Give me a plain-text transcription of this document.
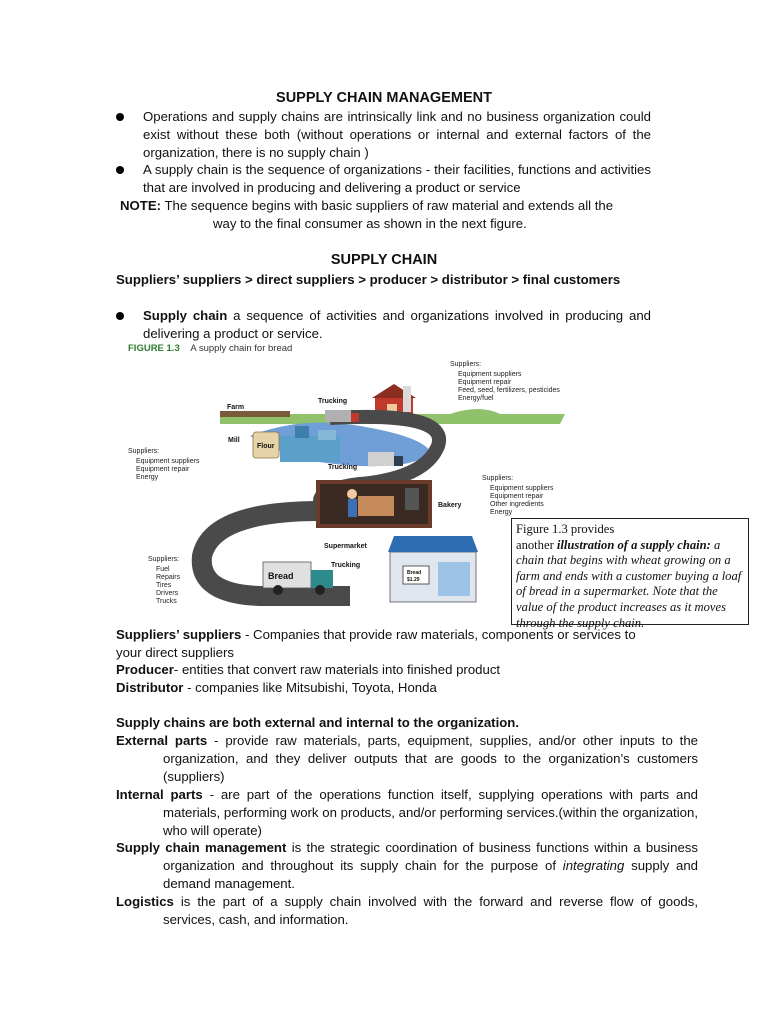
SUPPLY CHAIN MANAGEMENT
Operations and supply chains are intrinsically link and no business organization could exist without these both (without operations or internal and external factors of the organization, there is no supply chain )
A supply chain is the sequence of organizations - their facilities, functions and activities that are involved in producing and delivering a product or service
NOTE: The sequence begins with basic suppliers of raw material and extends all the
way to the final consumer as shown in the next figure.
SUPPLY CHAIN
Suppliers’ suppliers > direct suppliers > producer > distributor > final customers
Supply chain a sequence of activities and organizations involved in producing and delivering a product or service.
FIGURE 1.3 A supply chain for bread
Flour
Farm
Mill
Trucking
Trucking
Bakery
Supermarket
Trucking
Bread	Bread
$1.29
Suppliers:
Equipment suppliers
Equipment repair
Feed, seed, fertilizers, pesticides
Energy/fuel
Suppliers:
Equipment suppliers
Equipment repair
Energy	Suppliers:
Equipment suppliers
Equipment repair
Other ingredients
Energy
Suppliers:
Fuel
Repairs
Tires
Drivers
Trucks
Figure 1.3 provides
another illustration of a supply chain: a chain that begins with wheat growing on a farm and ends with a customer buying a loaf of bread in a supermarket. Note that the value of the product increases as it moves through the supply chain.
Suppliers’ suppliers - Companies that provide raw materials, components or services to your direct suppliers
Producer- entities that convert raw materials into finished product
Distributor - companies like Mitsubishi, Toyota, Honda
Supply chains are both external and internal to the organization.
External parts - provide raw materials, parts, equipment, supplies, and/or other inputs to the organization, and they deliver outputs that are goods to the organization’s customers (suppliers)
Internal parts - are part of the operations function itself, supplying operations with parts and materials, performing work on products, and/or performing services.(within the organization, who will operate)
Supply chain management is the strategic coordination of business functions within a business organization and throughout its supply chain for the purpose of integrating supply and demand management.
Logistics is the part of a supply chain involved with the forward and reverse flow of goods, services, cash, and information.
